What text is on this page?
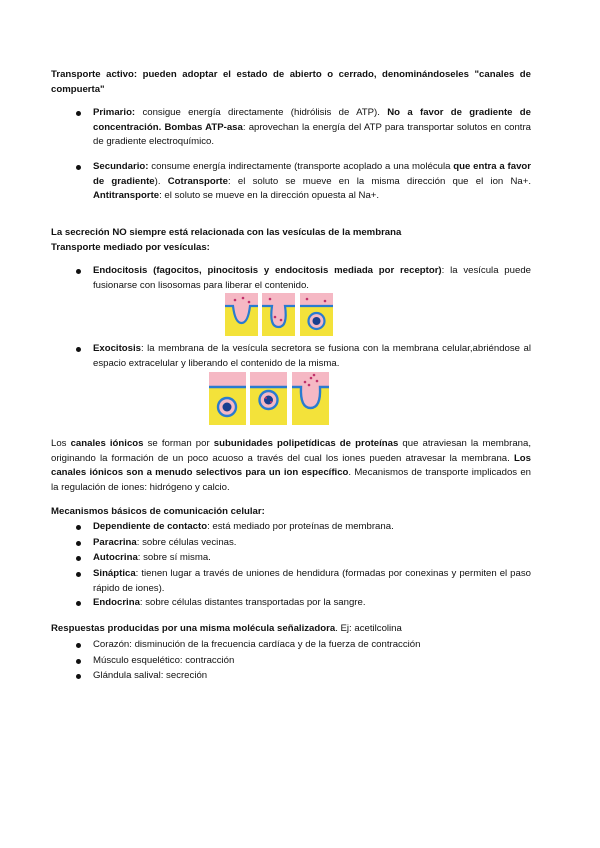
Transporte activo: pueden adoptar el estado de abierto o cerrado, denominándoseles "canales de compuerta"

Primario: consigue energía directamente (hidrólisis de ATP). No a favor de gradiente de concentración. Bombas ATP-asa: aprovechan la energía del ATP para transportar solutos en contra de gradiente electroquímico.

Secundario: consume energía indirectamente (transporte acoplado a una molécula que entra a favor de gradiente). Cotransporte: el soluto se mueve en la misma dirección que el ion Na+. Antitransporte: el soluto se mueve en la dirección opuesta al Na+.

La secreción NO siempre está relacionada con las vesículas de la membrana

Transporte mediado por vesículas:

Endocitosis (fagocitos, pinocitosis y endocitosis mediada por receptor): la vesícula puede fusionarse con lisosomas para liberar el contenido.

Exocitosis: la membrana de la vesícula secretora se fusiona con la membrana celular,abriéndose al espacio extracelular y liberando el contenido de la misma.

Los canales iónicos se forman por subunidades polipetídicas de proteínas que atraviesan la membrana, originando la formación de un poco acuoso a través del cual los iones pueden atravesar la membrana. Los canales iónicos son a menudo selectivos para un ion específico. Mecanismos de transporte implicados en la regulación de iones: hidrógeno y calcio.

Mecanismos básicos de comunicación celular:

Dependiente de contacto: está mediado por proteínas de membrana.

Paracrina: sobre células vecinas.

Autocrina: sobre sí misma.

Sináptica: tienen lugar a través de uniones de hendidura (formadas por conexinas y permiten el paso rápido de iones).

Endocrina: sobre células distantes transportadas por la sangre.

Respuestas producidas por una misma molécula señalizadora. Ej: acetilcolina

Corazón: disminución de la frecuencia cardíaca y de la fuerza de contracción

Músculo esquelético: contracción

Glándula salival: secreción
